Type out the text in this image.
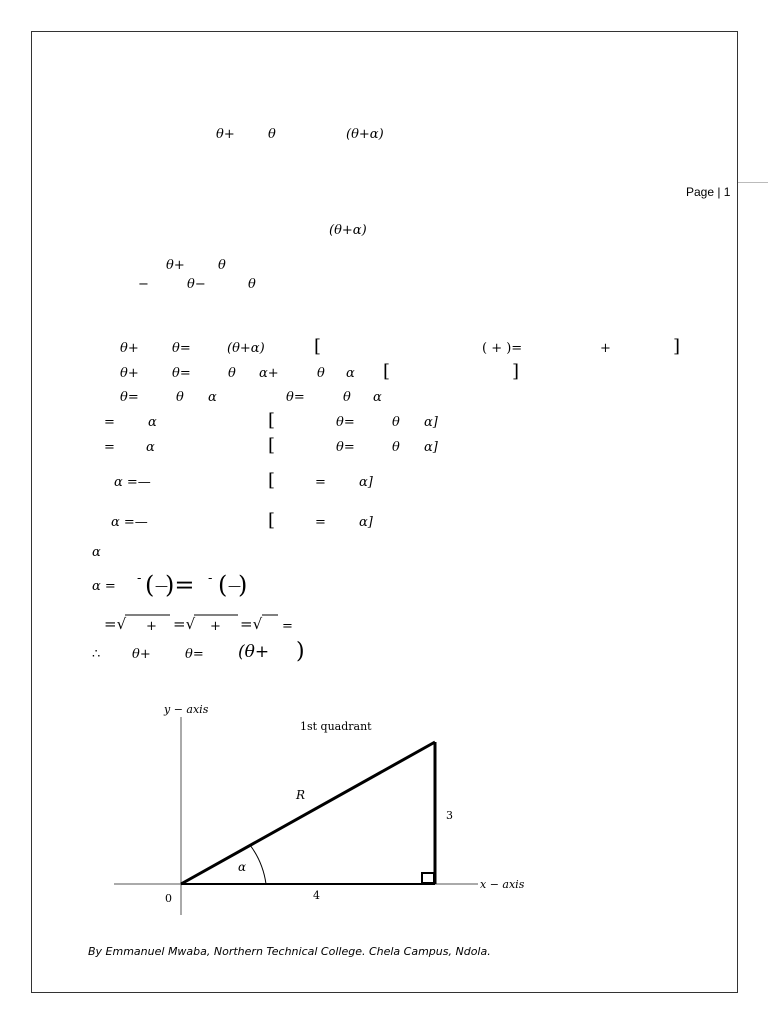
Page | 1
θ+	θ	(θ+α)
(θ+α)
θ+	θ
−	θ−	θ
θ+	θ=	(θ+α)	[	( + )=	+	]
θ+	θ=	θ α+	θ α [	]
θ=	θ α	θ=	θ α
=	α	[	θ=	θ α]
= α	[	θ=	θ α]
α =—	[	=	α]
α =—	[	=	α]
α
α =
- ( —
)= - ( —
)
=√ + =√ + =√ =
∴ θ+	θ= (θ+ )
y − axis
x − axis
1st quadrant
R
α
0	4
3
By Emmanuel Mwaba, Northern Technical College. Chela Campus, Ndola.
